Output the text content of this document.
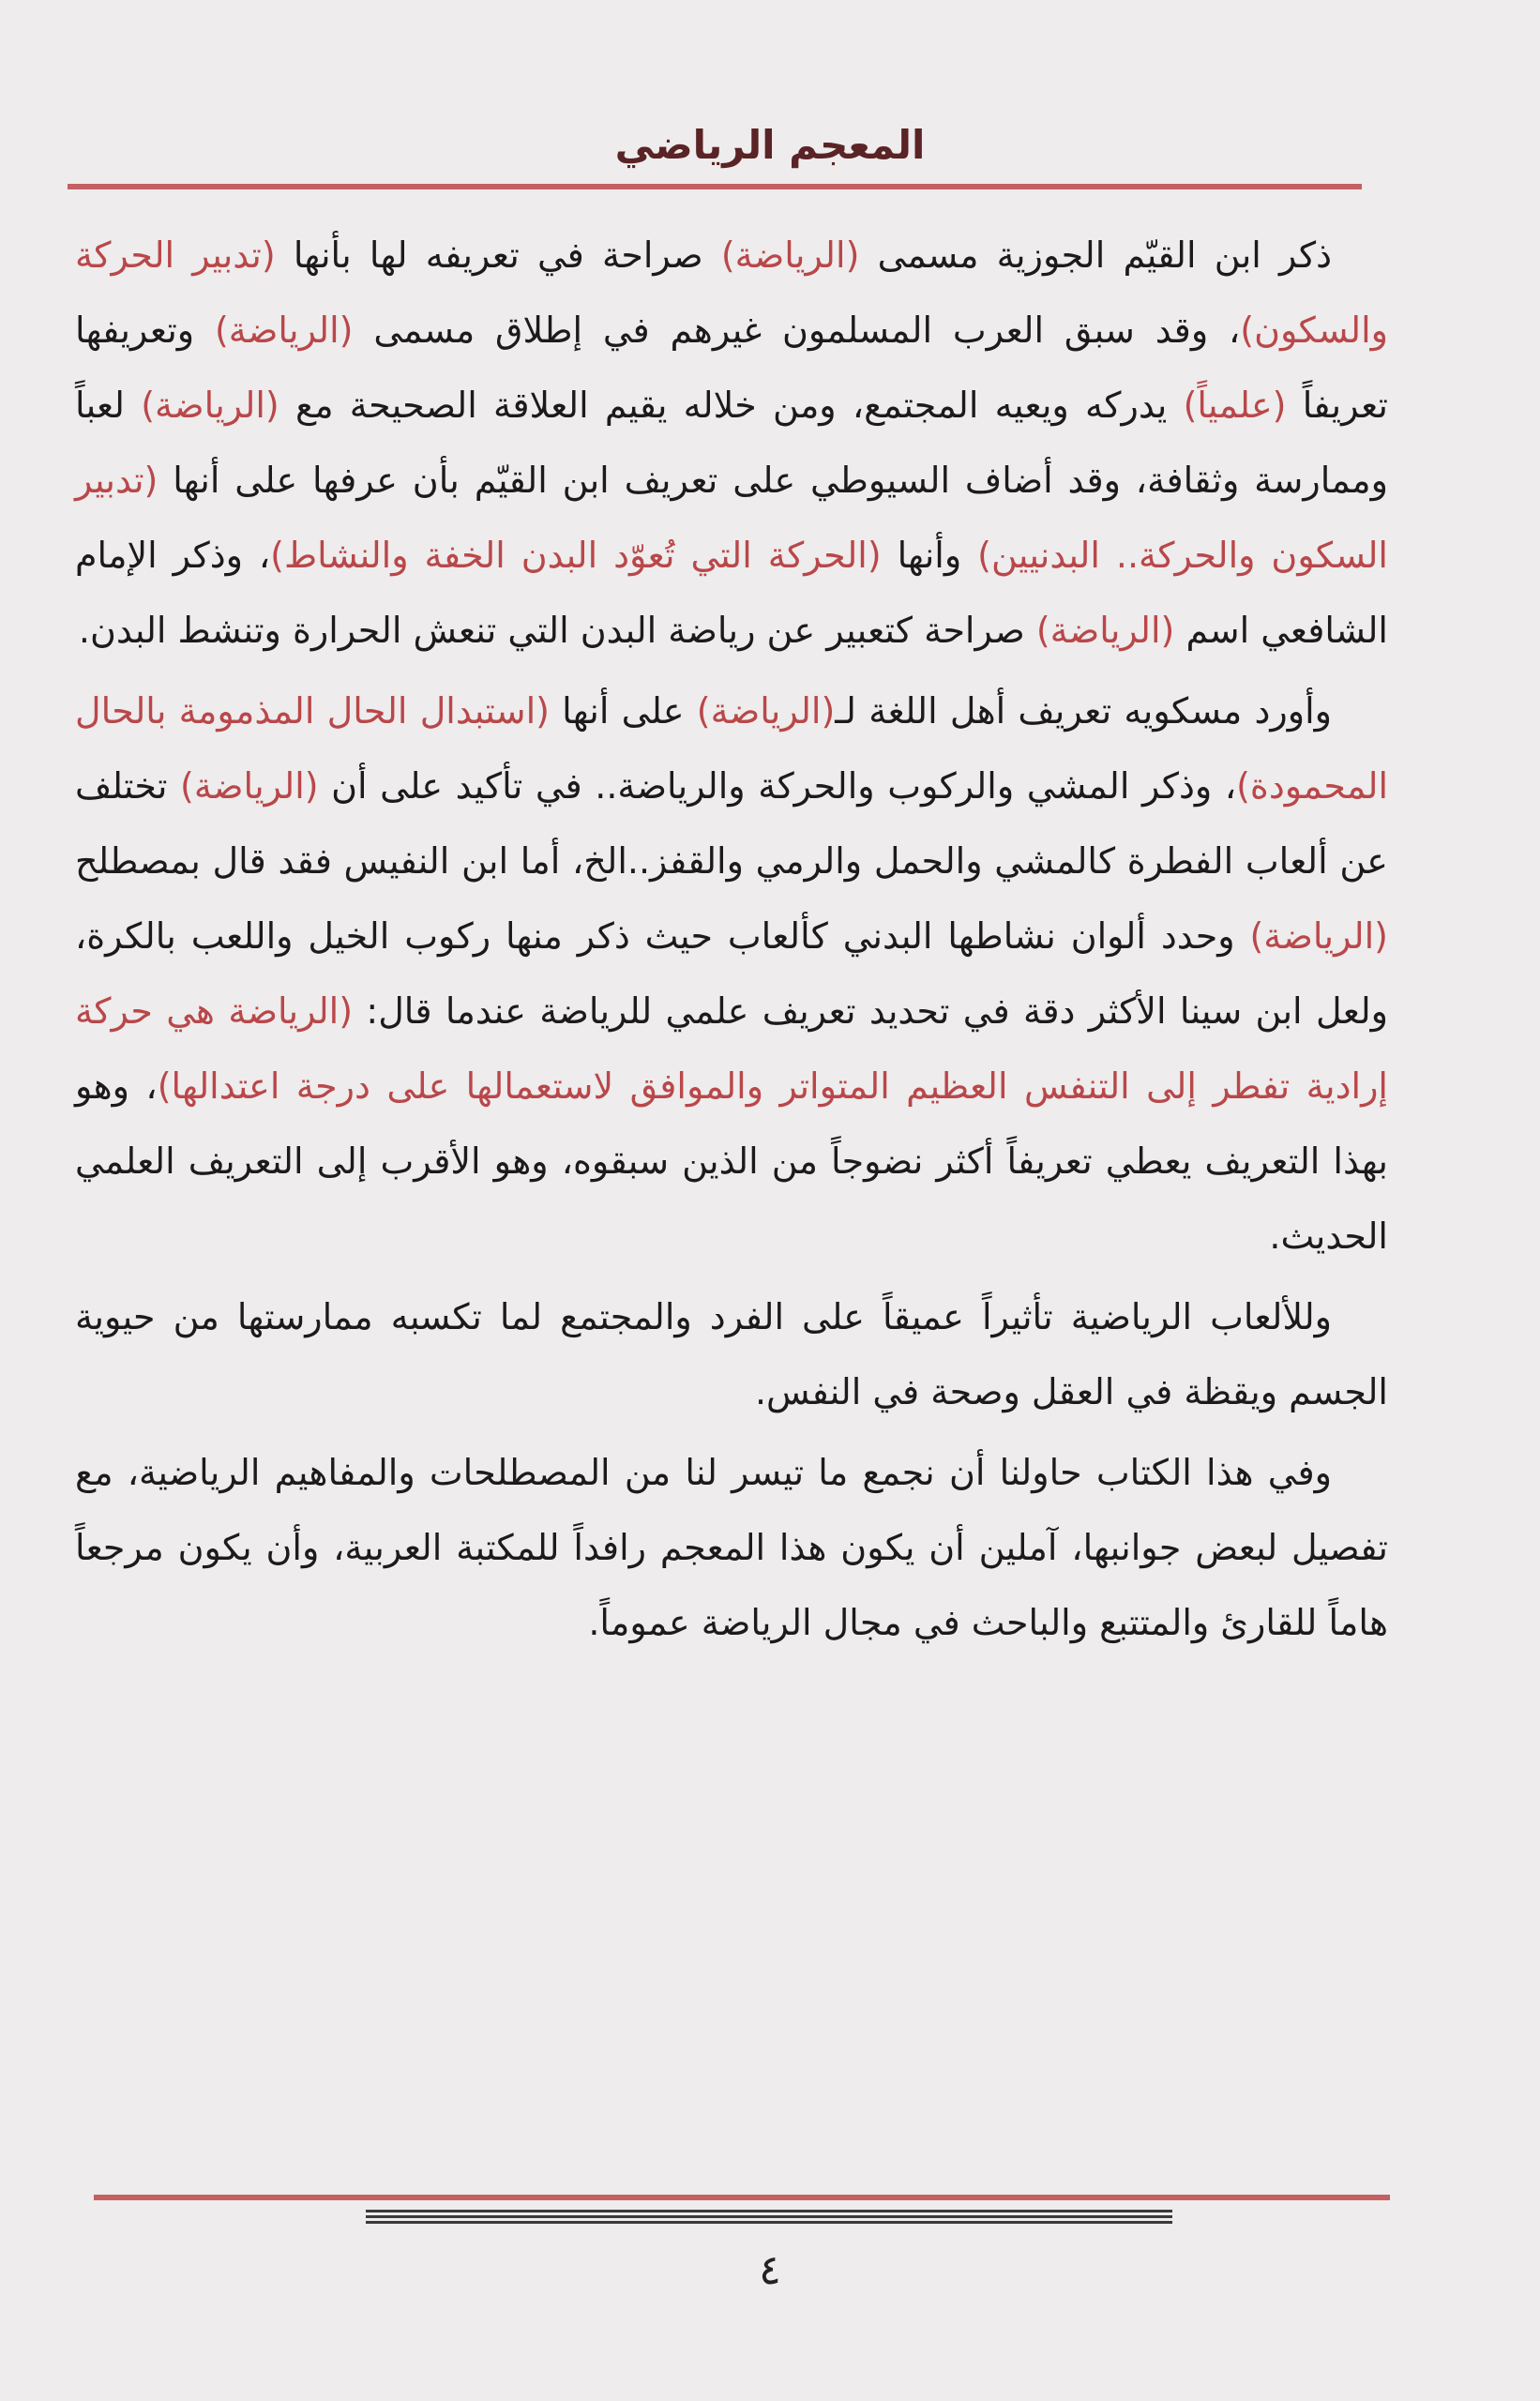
المعجم الرياضي

ذكر ابن القيّم الجوزية مسمى (الرياضة) صراحة في تعريفه لها بأنها (تدبير الحركة والسكون)، وقد سبق العرب المسلمون غيرهم في إطلاق مسمى (الرياضة) وتعريفها تعريفاً (علمياً) يدركه ويعيه المجتمع، ومن خلاله يقيم العلاقة الصحيحة مع (الرياضة) لعباً وممارسة وثقافة، وقد أضاف السيوطي على تعريف ابن القيّم بأن عرفها على أنها (تدبير السكون والحركة.. البدنيين) وأنها (الحركة التي تُعوّد البدن الخفة والنشاط)، وذكر الإمام الشافعي اسم (الرياضة) صراحة كتعبير عن رياضة البدن التي تنعش الحرارة وتنشط البدن.

وأورد مسكويه تعريف أهل اللغة لـ(الرياضة) على أنها (استبدال الحال المذمومة بالحال المحمودة)، وذكر المشي والركوب والحركة والرياضة.. في تأكيد على أن (الرياضة) تختلف عن ألعاب الفطرة كالمشي والحمل والرمي والقفز..الخ، أما ابن النفيس فقد قال بمصطلح (الرياضة) وحدد ألوان نشاطها البدني كألعاب حيث ذكر منها ركوب الخيل واللعب بالكرة، ولعل ابن سينا الأكثر دقة في تحديد تعريف علمي للرياضة عندما قال: (الرياضة هي حركة إرادية تفطر إلى التنفس العظيم المتواتر والموافق لاستعمالها على درجة اعتدالها)، وهو بهذا التعريف يعطي تعريفاً أكثر نضوجاً من الذين سبقوه، وهو الأقرب إلى التعريف العلمي الحديث.

وللألعاب الرياضية تأثيراً عميقاً على الفرد والمجتمع لما تكسبه ممارستها من حيوية الجسم ويقظة في العقل وصحة في النفس.

وفي هذا الكتاب حاولنا أن نجمع ما تيسر لنا من المصطلحات والمفاهيم الرياضية، مع تفصيل لبعض جوانبها، آملين أن يكون هذا المعجم رافداً للمكتبة العربية، وأن يكون مرجعاً هاماً للقارئ والمتتبع والباحث في مجال الرياضة عموماً.

٤
